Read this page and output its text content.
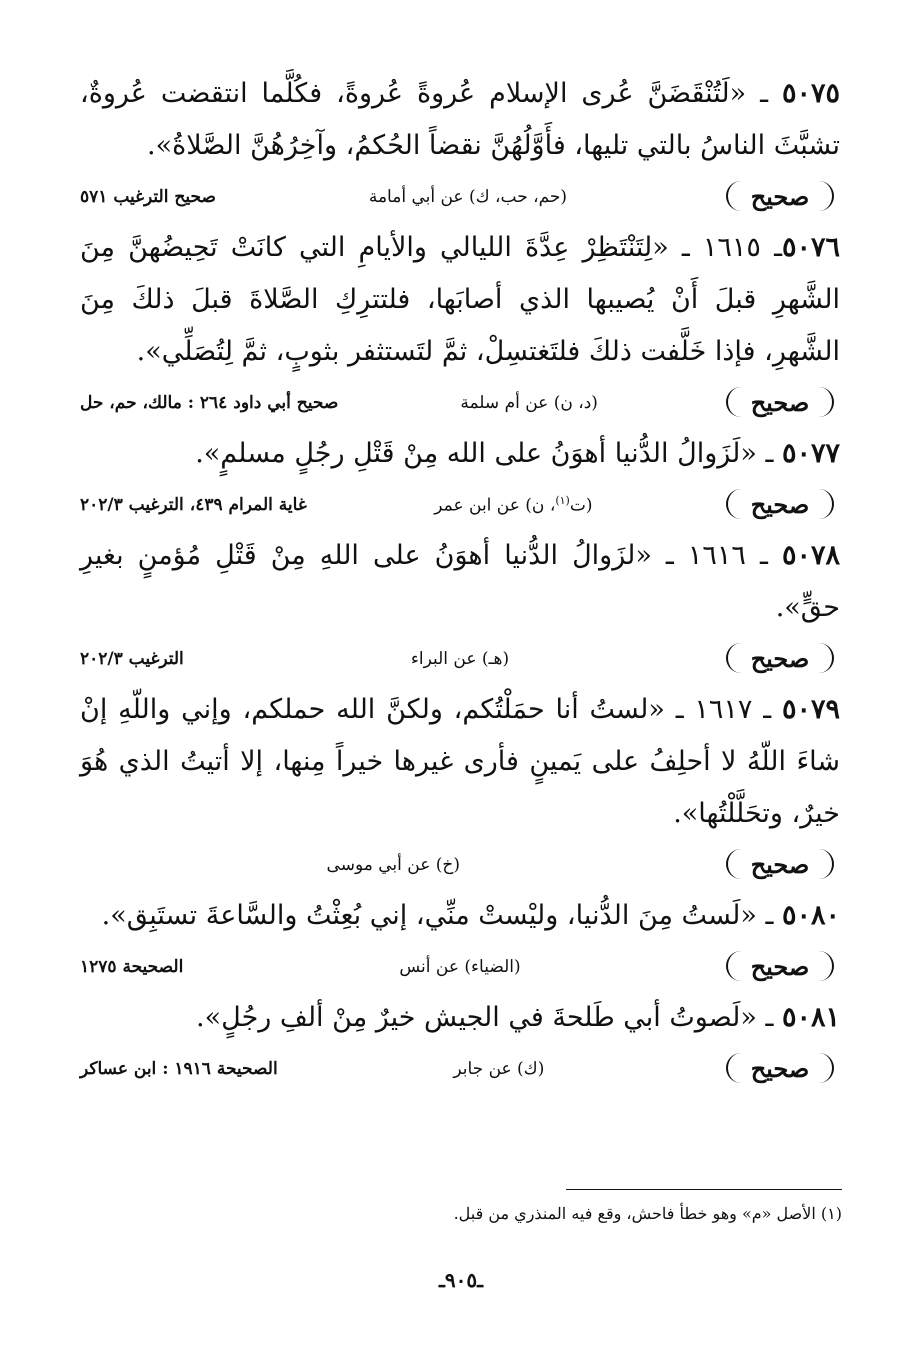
٥٠٧٥ ـ «لَتُنْقَضَنَّ عُرى الإسلام عُروةً عُروةً، فكُلَّما انتقضت عُروةٌ، تشبَّثَ الناسُ بالتي تليها، فأَوَّلُهُنَّ نقضاً الحُكمُ، وآخِرُهُنَّ الصَّلاةُ».

صحيح
(حم، حب، ك) عن أبي أمامة
صحيح الترغيب ٥٧١

٥٠٧٦ـ ١٦١٥ ـ «لِتَنْتَظِرْ عِدَّةَ الليالي والأيامِ التي كانَتْ تَحِيضُهنَّ مِنَ الشَّهرِ قبلَ أَنْ يُصيبها الذي أصابَها، فلتترِكِ الصَّلاةَ قبلَ ذلكَ مِنَ الشَّهرِ، فإذا خَلَّفت ذلكَ فلتَغتسِلْ، ثمَّ لتَستثفر بثوبٍ، ثمَّ لِتُصَلِّي».

صحيح
(د، ن) عن أم سلمة
صحيح أبي داود ٢٦٤ : مالك، حم، حل

٥٠٧٧ ـ «لَزَوالُ الدُّنيا أهوَنُ على الله مِنْ قَتْلِ رجُلٍ مسلمٍ».

صحيح
(ت$^{(١)}$، ن) عن ابن عمر
غاية المرام ٤٣٩، الترغيب ٢٠٢/٣

٥٠٧٨ ـ ١٦١٦ ـ «لزَوالُ الدُّنيا أهوَنُ على اللهِ مِنْ قَتْلِ مُؤمنٍ بغيرِ حقٍّ».

صحيح
(هـ) عن البراء
الترغيب ٢٠٢/٣

٥٠٧٩ ـ ١٦١٧ ـ «لستُ أنا حمَلْتُكم، ولكنَّ الله حملكم، وإني واللّهِ إنْ شاءَ اللّهُ لا أحلِفُ على يَمينٍ فأرى غيرها خيراً مِنها، إلا أتيتُ الذي هُوَ خيرٌ، وتحَلَّلْتُها».

صحيح
(خ) عن أبي موسى

٥٠٨٠ ـ «لَستُ مِنَ الدُّنيا، وليْستْ منِّي، إني بُعِثْتُ والسَّاعةَ تستَبِق».

صحيح
(الضياء) عن أنس
الصحيحة ١٢٧٥

٥٠٨١ ـ «لَصوتُ أبي طَلحةَ في الجيش خيرٌ مِنْ ألفِ رجُلٍ».

صحيح
(ك) عن جابر
الصحيحة ١٩١٦ : ابن عساكر
(١) الأصل «م» وهو خطأ فاحش، وقع فيه المنذري من قبل.
ـ٩٠٥ـ
